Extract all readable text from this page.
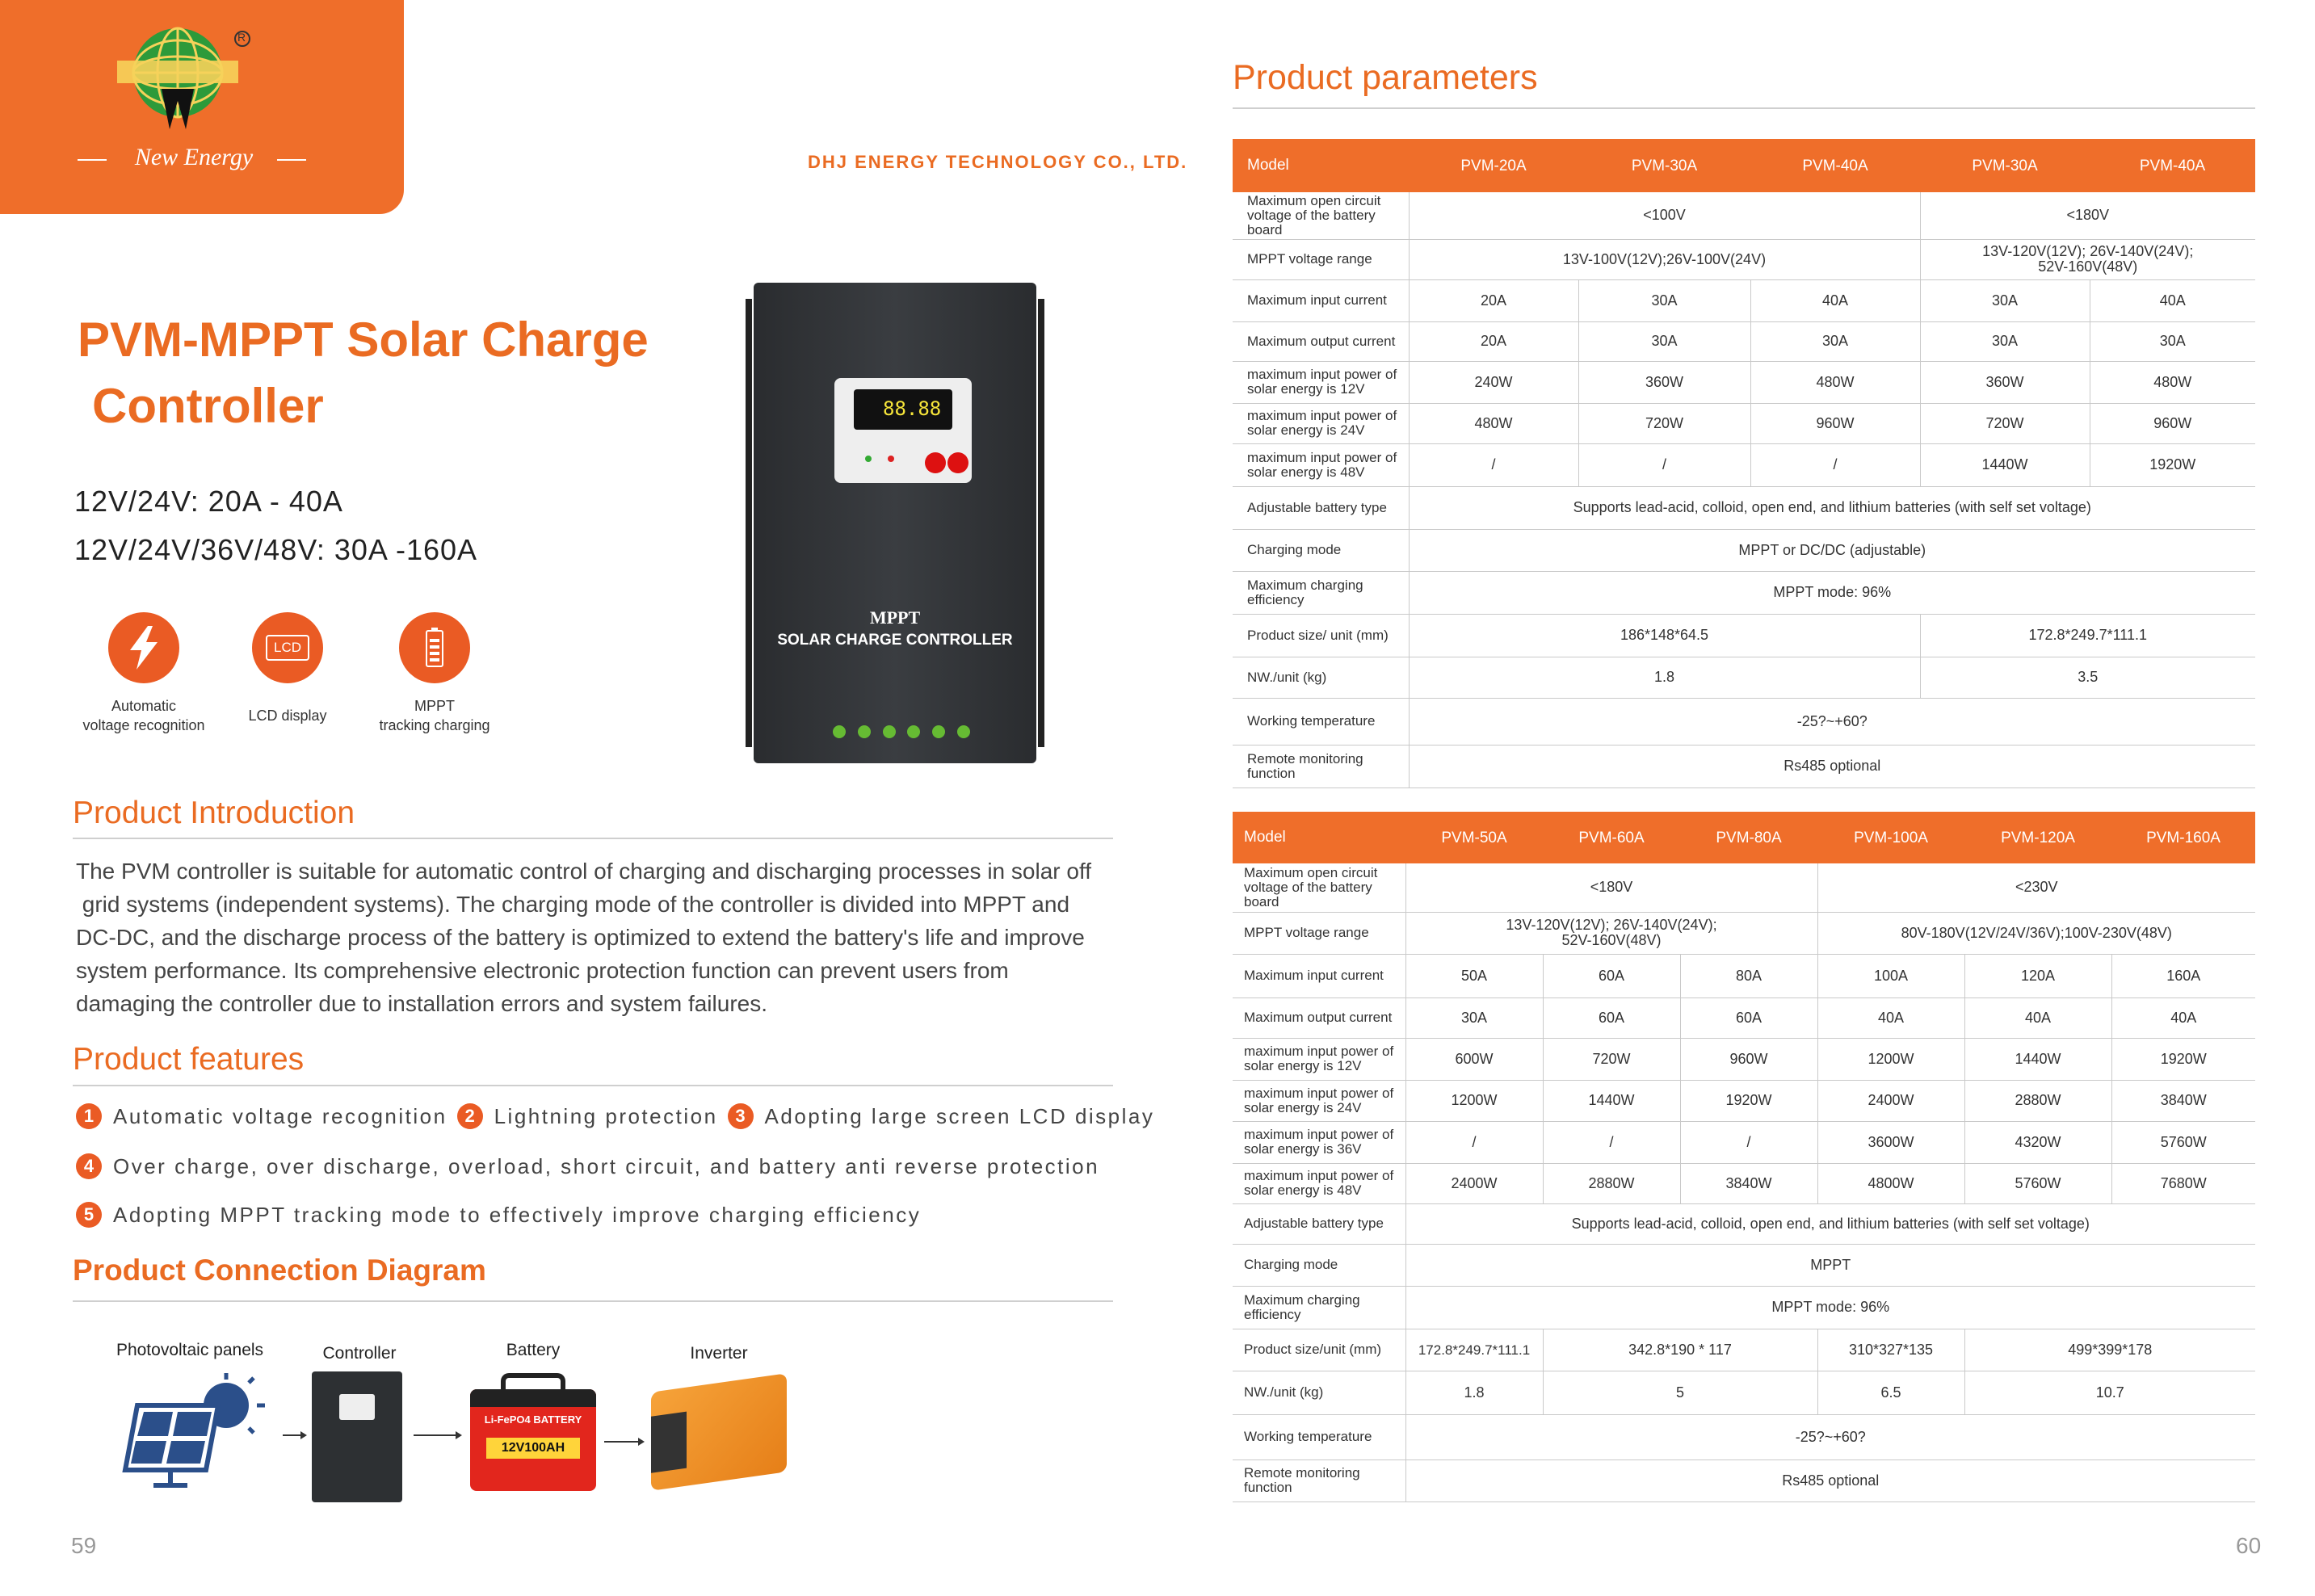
R
New Energy	DHJ ENERGY TECHNOLOGY CO., LTD.
PVM-MPPT Solar Charge
Controller
12V/24V: 20A - 40A
12V/24V/36V/48V: 30A -160A
LCD
Automatic
voltage recognition
LCD display
MPPT
tracking charging
88.88
MPPT
SOLAR CHARGE CONTROLLER
Product Introduction
The PVM controller is suitable for automatic control of charging and discharging processes in solar off
grid systems (independent systems). The charging mode of the controller is divided into MPPT and
DC-DC, and the discharge process of the battery is optimized to extend the battery's life and improve
system performance. Its comprehensive electronic protection function can prevent users from
damaging the controller due to installation errors and system failures.
Product features
1 Automatic voltage recognition 2 Lightning protection 3 Adopting large screen LCD display
4 Over charge, over discharge, overload, short circuit, and battery anti reverse protection
5 Adopting MPPT tracking mode to effectively improve charging efficiency
Product Connection Diagram
Photovoltaic panels	Controller	Battery	Inverter
Li-FePO4 BATTERY
12V100AH
59
Product parameters
Model	PVM-20A	PVM-30A	PVM-40A	PVM-30A	PVM-40A
Maximum open circuit voltage of the battery board	<100V			<180V	
MPPT voltage range	13V-100V(12V);26V-100V(24V)			13V-120V(12V); 26V-140V(24V);
52V-160V(48V)	

Maximum input current	20A	30A	40A	30A	40A
Maximum output current	20A	30A	30A	30A	30A
maximum input power of solar energy is 12V	240W	360W	480W	360W	480W
maximum input power of solar energy is 24V	480W	720W	960W	720W	960W
maximum input power of solar energy is 48V	/	/	/	1440W	1920W
Adjustable battery type	Supports lead-acid, colloid, open end, and lithium batteries (with self set voltage)				
Charging mode	MPPT or DC/DC (adjustable)				
Maximum charging efficiency	MPPT mode: 96%				
Product size/ unit (mm)	186*148*64.5			172.8*249.7*111.1	
NW./unit (kg)	1.8			3.5	
Working temperature	-25?~+60?				
Remote monitoring function	Rs485 optional				
Model	PVM-50A	PVM-60A	PVM-80A	PVM-100A	PVM-120A	PVM-160A
Maximum open circuit voltage of the battery board	<180V			<230V		
MPPT voltage range	13V-120V(12V); 26V-140V(24V);
52V-160V(48V)			80V-180V(12V/24V/36V);100V-230V(48V)		
Maximum input current	50A	60A	80A	100A	120A	160A
Maximum output current	30A	60A	60A	40A	40A	40A
maximum input power of solar energy is 12V	600W	720W	960W	1200W	1440W	1920W
maximum input power of solar energy is 24V	1200W	1440W	1920W	2400W	2880W	3840W
maximum input power of solar energy is 36V	/	/	/	3600W	4320W	5760W
maximum input power of solar energy is 48V	2400W	2880W	3840W	4800W	5760W	7680W
Adjustable battery type	Supports lead-acid, colloid, open end, and lithium batteries (with self set voltage)					
Charging mode	MPPT					
Maximum charging efficiency	MPPT mode: 96%					
Product size/unit (mm)	172.8*249.7*111.1	342.8*190 * 117		310*327*135	499*399*178	
NW./unit (kg)	1.8	5		6.5	10.7	
Working temperature	-25?~+60?					
Remote monitoring function	Rs485 optional					
60
